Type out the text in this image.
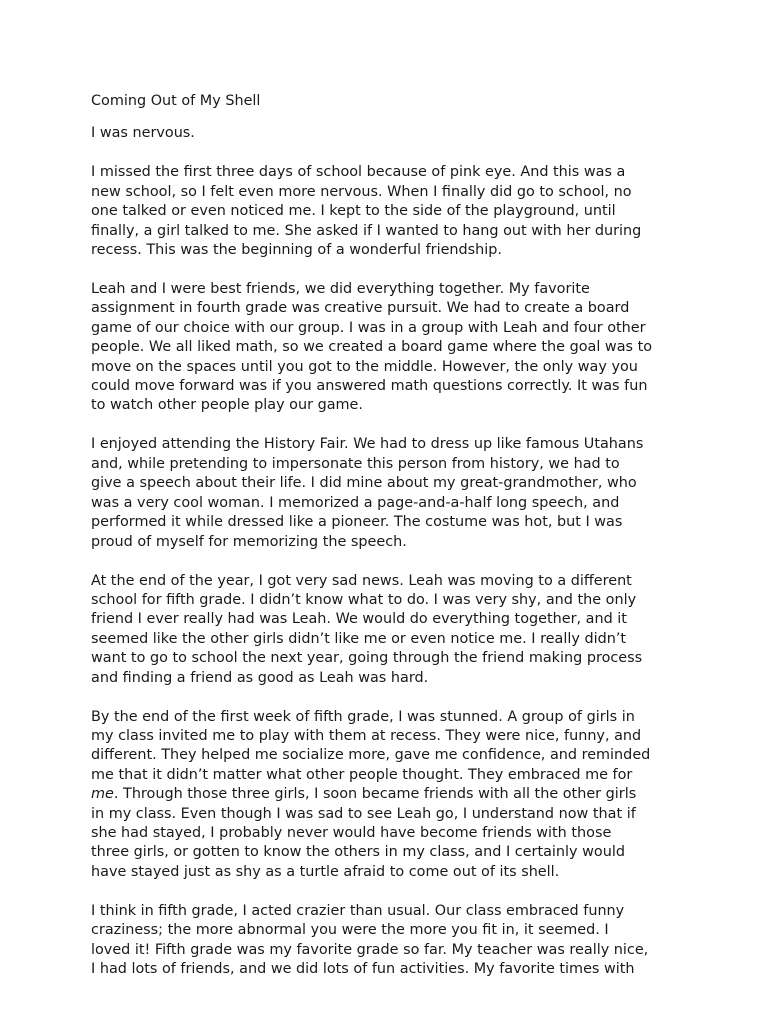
Coming Out of My Shell

I was nervous.

I missed the first three days of school because of pink eye. And this was a
new school, so I felt even more nervous. When I finally did go to school, no
one talked or even noticed me. I kept to the side of the playground, until
finally, a girl talked to me. She asked if I wanted to hang out with her during
recess. This was the beginning of a wonderful friendship.

Leah and I were best friends, we did everything together. My favorite
assignment in fourth grade was creative pursuit. We had to create a board
game of our choice with our group. I was in a group with Leah and four other
people. We all liked math, so we created a board game where the goal was to
move on the spaces until you got to the middle. However, the only way you
could move forward was if you answered math questions correctly. It was fun
to watch other people play our game.

I enjoyed attending the History Fair. We had to dress up like famous Utahans
and, while pretending to impersonate this person from history, we had to
give a speech about their life. I did mine about my great-grandmother, who
was a very cool woman. I memorized a page-and-a-half long speech, and
performed it while dressed like a pioneer. The costume was hot, but I was
proud of myself for memorizing the speech.

At the end of the year, I got very sad news. Leah was moving to a different
school for fifth grade. I didn’t know what to do. I was very shy, and the only
friend I ever really had was Leah. We would do everything together, and it
seemed like the other girls didn’t like me or even notice me. I really didn’t
want to go to school the next year, going through the friend making process
and finding a friend as good as Leah was hard.

By the end of the first week of fifth grade, I was stunned. A group of girls in
my class invited me to play with them at recess. They were nice, funny, and
different. They helped me socialize more, gave me confidence, and reminded
me that it didn’t matter what other people thought. They embraced me for
me. Through those three girls, I soon became friends with all the other girls
in my class. Even though I was sad to see Leah go, I understand now that if
she had stayed, I probably never would have become friends with those
three girls, or gotten to know the others in my class, and I certainly would
have stayed just as shy as a turtle afraid to come out of its shell.

I think in fifth grade, I acted crazier than usual. Our class embraced funny
craziness; the more abnormal you were the more you fit in, it seemed. I
loved it! Fifth grade was my favorite grade so far. My teacher was really nice,
I had lots of friends, and we did lots of fun activities. My favorite times with
